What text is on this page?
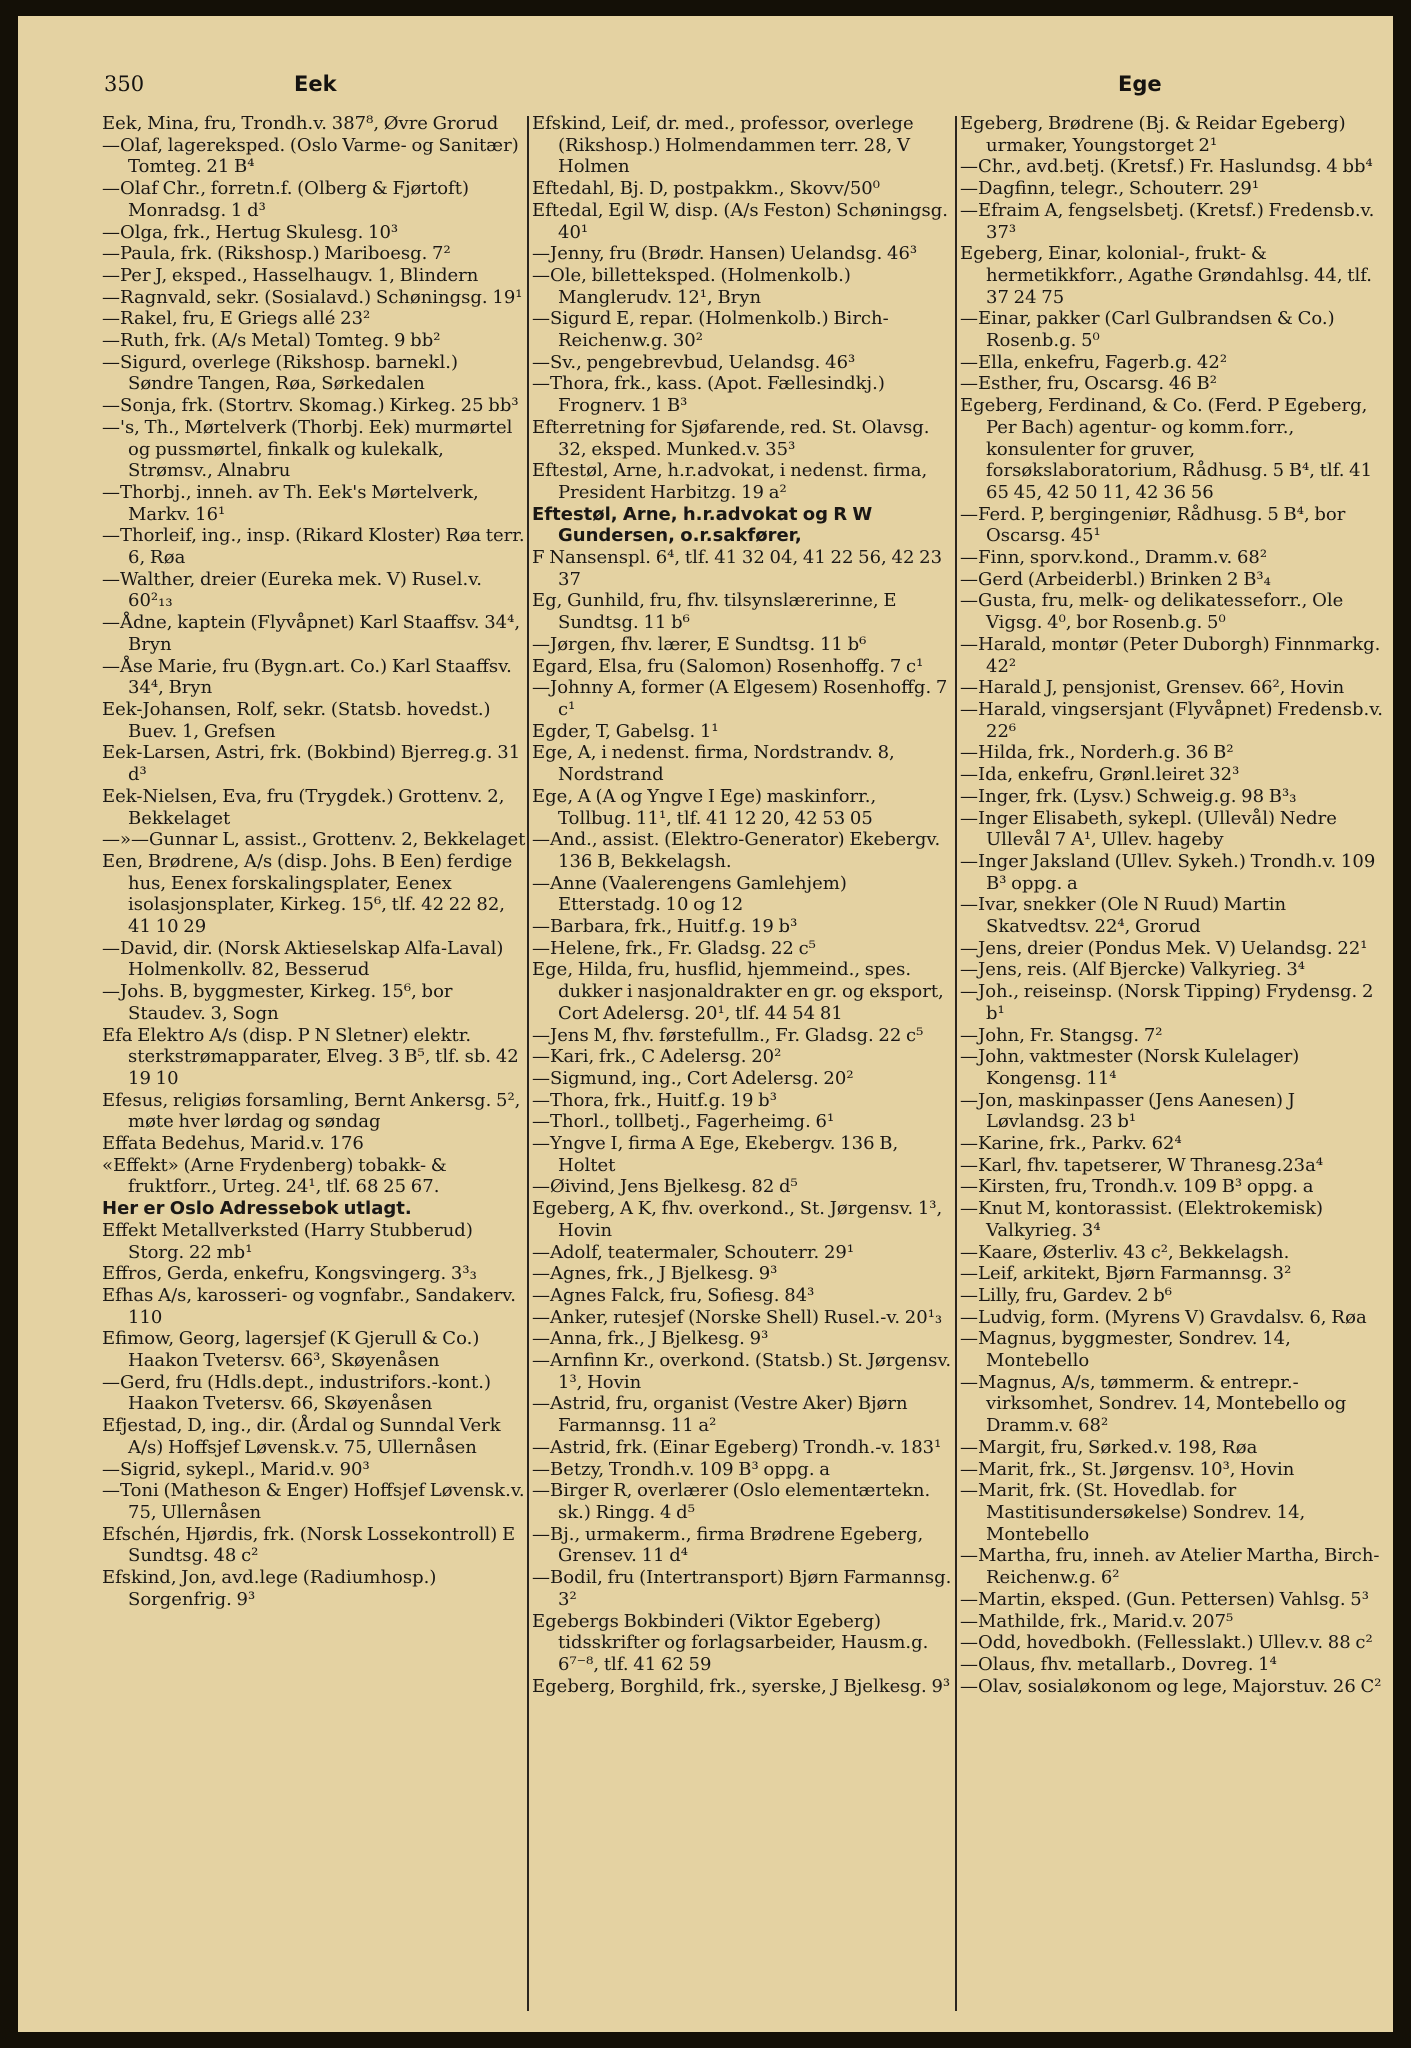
350	Eek	Ege

Eek, Mina, fru, Trondh.v. 387⁸, Øvre Grorud

—Olaf, lagereksped. (Oslo Varme- og Sanitær) Tomteg. 21 B⁴

—Olaf Chr., forretn.f. (Olberg & Fjørtoft) Monradsg. 1 d³

—Olga, frk., Hertug Skulesg. 10³

—Paula, frk. (Rikshosp.) Mariboesg. 7²

—Per J, eksped., Hasselhaugv. 1, Blindern

—Ragnvald, sekr. (Sosialavd.) Schøningsg. 19¹

—Rakel, fru, E Griegs allé 23²

—Ruth, frk. (A/s Metal) Tomteg. 9 bb²

—Sigurd, overlege (Rikshosp. barnekl.) Søndre Tangen, Røa, Sørkedalen

—Sonja, frk. (Stortrv. Skomag.) Kirkeg. 25 bb³

—'s, Th., Mørtelverk (Thorbj. Eek) murmørtel og pussmørtel, finkalk og kulekalk, Strømsv., Alnabru

—Thorbj., inneh. av Th. Eek's Mørtelverk, Markv. 16¹

—Thorleif, ing., insp. (Rikard Kloster) Røa terr. 6, Røa

—Walther, dreier (Eureka mek. V) Rusel.v. 60²₁₃

—Ådne, kaptein (Flyvåpnet) Karl Staaffsv. 34⁴, Bryn

—Åse Marie, fru (Bygn.art. Co.) Karl Staaffsv. 34⁴, Bryn

Eek-Johansen, Rolf, sekr. (Statsb. hovedst.) Buev. 1, Grefsen

Eek-Larsen, Astri, frk. (Bokbind) Bjerreg.g. 31 d³

Eek-Nielsen, Eva, fru (Trygdek.) Grottenv. 2, Bekkelaget

—»—Gunnar L, assist., Grottenv. 2, Bekkelaget

Een, Brødrene, A/s (disp. Johs. B Een) ferdige hus, Eenex forskalingsplater, Eenex isolasjonsplater, Kirkeg. 15⁶, tlf. 42 22 82, 41 10 29

—David, dir. (Norsk Aktieselskap Alfa-Laval) Holmenkollv. 82, Besserud

—Johs. B, byggmester, Kirkeg. 15⁶, bor Staudev. 3, Sogn

Efa Elektro A/s (disp. P N Sletner) elektr. sterkstrømapparater, Elveg. 3 B⁵, tlf. sb. 42 19 10

Efesus, religiøs forsamling, Bernt Ankersg. 5², møte hver lørdag og søndag

Effata Bedehus, Marid.v. 176

«Effekt» (Arne Frydenberg) tobakk- & fruktforr., Urteg. 24¹, tlf. 68 25 67.

Her er Oslo Adressebok utlagt.

Effekt Metallverksted (Harry Stubberud) Storg. 22 mb¹

Effros, Gerda, enkefru, Kongsvingerg. 3³₃

Efhas A/s, karosseri- og vognfabr., Sandakerv. 110

Efimow, Georg, lagersjef (K Gjerull & Co.) Haakon Tvetersv. 66³, Skøyenåsen

—Gerd, fru (Hdls.dept., industrifors.-kont.) Haakon Tvetersv. 66, Skøyenåsen

Efjestad, D, ing., dir. (Årdal og Sunndal Verk A/s) Hoffsjef Løvensk.v. 75, Ullernåsen

—Sigrid, sykepl., Marid.v. 90³

—Toni (Matheson & Enger) Hoffsjef Løvensk.v. 75, Ullernåsen

Efschén, Hjørdis, frk. (Norsk Lossekontroll) E Sundtsg. 48 c²

Efskind, Jon, avd.lege (Radiumhosp.) Sorgenfrig. 9³

Efskind, Leif, dr. med., professor, overlege (Rikshosp.) Holmendammen terr. 28, V Holmen

Eftedahl, Bj. D, postpakkm., Skovv/50⁰

Eftedal, Egil W, disp. (A/s Feston) Schøningsg. 40¹

—Jenny, fru (Brødr. Hansen) Uelandsg. 46³

—Ole, billetteksped. (Holmenkolb.) Manglerudv. 12¹, Bryn

—Sigurd E, repar. (Holmenkolb.) Birch-Reichenw.g. 30²

—Sv., pengebrevbud, Uelandsg. 46³

—Thora, frk., kass. (Apot. Fællesindkj.) Frognerv. 1 B³

Efterretning for Sjøfarende, red. St. Olavsg. 32, eksped. Munked.v. 35³

Eftestøl, Arne, h.r.advokat, i nedenst. firma, President Harbitzg. 19 a²

Eftestøl, Arne, h.r.advokat og R W Gundersen, o.r.sakfører,

F Nansenspl. 6⁴, tlf. 41 32 04, 41 22 56, 42 23 37

Eg, Gunhild, fru, fhv. tilsynslærerinne, E Sundtsg. 11 b⁶

—Jørgen, fhv. lærer, E Sundtsg. 11 b⁶

Egard, Elsa, fru (Salomon) Rosenhoffg. 7 c¹

—Johnny A, former (A Elgesem) Rosenhoffg. 7 c¹

Egder, T, Gabelsg. 1¹

Ege, A, i nedenst. firma, Nordstrandv. 8, Nordstrand

Ege, A (A og Yngve I Ege) maskinforr., Tollbug. 11¹, tlf. 41 12 20, 42 53 05

—And., assist. (Elektro-Generator) Ekebergv. 136 B, Bekkelagsh.

—Anne (Vaalerengens Gamlehjem) Etterstadg. 10 og 12

—Barbara, frk., Huitf.g. 19 b³

—Helene, frk., Fr. Gladsg. 22 c⁵

Ege, Hilda, fru, husflid, hjemmeind., spes. dukker i nasjonaldrakter en gr. og eksport, Cort Adelersg. 20¹, tlf. 44 54 81

—Jens M, fhv. førstefullm., Fr. Gladsg. 22 c⁵

—Kari, frk., C Adelersg. 20²

—Sigmund, ing., Cort Adelersg. 20²

—Thora, frk., Huitf.g. 19 b³

—Thorl., tollbetj., Fagerheimg. 6¹

—Yngve I, firma A Ege, Ekebergv. 136 B, Holtet

—Øivind, Jens Bjelkesg. 82 d⁵

Egeberg, A K, fhv. overkond., St. Jørgensv. 1³, Hovin

—Adolf, teatermaler, Schouterr. 29¹

—Agnes, frk., J Bjelkesg. 9³

—Agnes Falck, fru, Sofiesg. 84³

—Anker, rutesjef (Norske Shell) Rusel.-v. 20¹₃

—Anna, frk., J Bjelkesg. 9³

—Arnfinn Kr., overkond. (Statsb.) St. Jørgensv. 1³, Hovin

—Astrid, fru, organist (Vestre Aker) Bjørn Farmannsg. 11 a²

—Astrid, frk. (Einar Egeberg) Trondh.-v. 183¹

—Betzy, Trondh.v. 109 B³ oppg. a

—Birger R, overlærer (Oslo elementærtekn. sk.) Ringg. 4 d⁵

—Bj., urmakerm., firma Brødrene Egeberg, Grensev. 11 d⁴

—Bodil, fru (Intertransport) Bjørn Farmannsg. 3²

Egebergs Bokbinderi (Viktor Egeberg) tidsskrifter og forlagsarbeider, Hausm.g. 6⁷⁻⁸, tlf. 41 62 59

Egeberg, Borghild, frk., syerske, J Bjelkesg. 9³

Egeberg, Brødrene (Bj. & Reidar Egeberg) urmaker, Youngstorget 2¹

—Chr., avd.betj. (Kretsf.) Fr. Haslundsg. 4 bb⁴

—Dagfinn, telegr., Schouterr. 29¹

—Efraim A, fengselsbetj. (Kretsf.) Fredensb.v. 37³

Egeberg, Einar, kolonial-, frukt- & hermetikkforr., Agathe Grøndahlsg. 44, tlf. 37 24 75

—Einar, pakker (Carl Gulbrandsen & Co.) Rosenb.g. 5⁰

—Ella, enkefru, Fagerb.g. 42²

—Esther, fru, Oscarsg. 46 B²

Egeberg, Ferdinand, & Co. (Ferd. P Egeberg, Per Bach) agentur- og komm.forr., konsulenter for gruver, forsøkslaboratorium, Rådhusg. 5 B⁴, tlf. 41 65 45, 42 50 11, 42 36 56

—Ferd. P, bergingeniør, Rådhusg. 5 B⁴, bor Oscarsg. 45¹

—Finn, sporv.kond., Dramm.v. 68²

—Gerd (Arbeiderbl.) Brinken 2 B³₄

—Gusta, fru, melk- og delikatesseforr., Ole Vigsg. 4⁰, bor Rosenb.g. 5⁰

—Harald, montør (Peter Duborgh) Finnmarkg. 42²

—Harald J, pensjonist, Grensev. 66², Hovin

—Harald, vingsersjant (Flyvåpnet) Fredensb.v. 22⁶

—Hilda, frk., Norderh.g. 36 B²

—Ida, enkefru, Grønl.leiret 32³

—Inger, frk. (Lysv.) Schweig.g. 98 B³₃

—Inger Elisabeth, sykepl. (Ullevål) Nedre Ullevål 7 A¹, Ullev. hageby

—Inger Jaksland (Ullev. Sykeh.) Trondh.v. 109 B³ oppg. a

—Ivar, snekker (Ole N Ruud) Martin Skatvedtsv. 22⁴, Grorud

—Jens, dreier (Pondus Mek. V) Uelandsg. 22¹

—Jens, reis. (Alf Bjercke) Valkyrieg. 3⁴

—Joh., reiseinsp. (Norsk Tipping) Frydensg. 2 b¹

—John, Fr. Stangsg. 7²

—John, vaktmester (Norsk Kulelager) Kongensg. 11⁴

—Jon, maskinpasser (Jens Aanesen) J Løvlandsg. 23 b¹

—Karine, frk., Parkv. 62⁴

—Karl, fhv. tapetserer, W Thranesg.23a⁴

—Kirsten, fru, Trondh.v. 109 B³ oppg. a

—Knut M, kontorassist. (Elektrokemisk) Valkyrieg. 3⁴

—Kaare, Østerliv. 43 c², Bekkelagsh.

—Leif, arkitekt, Bjørn Farmannsg. 3²

—Lilly, fru, Gardev. 2 b⁶

—Ludvig, form. (Myrens V) Gravdalsv. 6, Røa

—Magnus, byggmester, Sondrev. 14, Montebello

—Magnus, A/s, tømmerm. & entrepr.-virksomhet, Sondrev. 14, Montebello og Dramm.v. 68²

—Margit, fru, Sørked.v. 198, Røa

—Marit, frk., St. Jørgensv. 10³, Hovin

—Marit, frk. (St. Hovedlab. for Mastitisundersøkelse) Sondrev. 14, Montebello

—Martha, fru, inneh. av Atelier Martha, Birch-Reichenw.g. 6²

—Martin, eksped. (Gun. Pettersen) Vahlsg. 5³

—Mathilde, frk., Marid.v. 207⁵

—Odd, hovedbokh. (Fellesslakt.) Ullev.v. 88 c²

—Olaus, fhv. metallarb., Dovreg. 1⁴

—Olav, sosialøkonom og lege, Majorstuv. 26 C²
